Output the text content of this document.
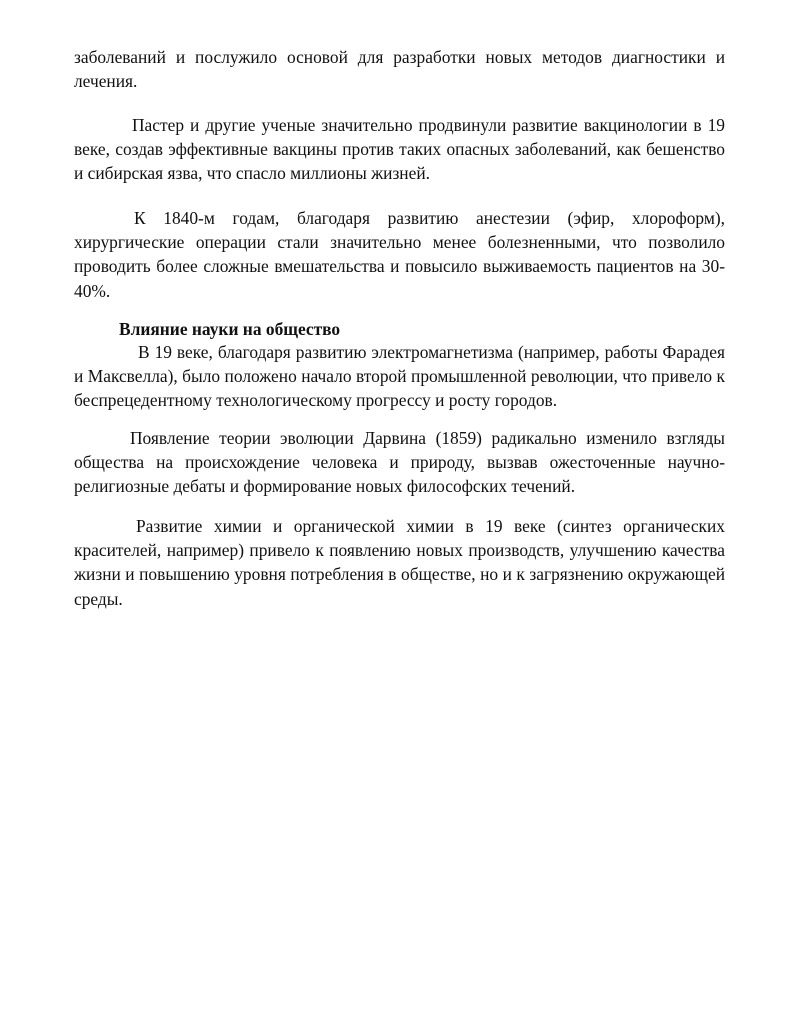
заболеваний и послужило основой для разработки новых методов диагностики и лечения.

Пастер и другие ученые значительно продвинули развитие вакцинологии в 19 веке, создав эффективные вакцины против таких опасных заболеваний, как бешенство и сибирская язва, что спасло миллионы жизней.

К 1840-м годам, благодаря развитию анестезии (эфир, хлороформ), хирургические операции стали значительно менее болезненными, что позволило проводить более сложные вмешательства и повысило выживаемость пациентов на 30-40%.

Влияние науки на общество

В 19 веке, благодаря развитию электромагнетизма (например, работы Фарадея и Максвелла), было положено начало второй промышленной революции, что привело к беспрецедентному технологическому прогрессу и росту городов.

Появление теории эволюции Дарвина (1859) радикально изменило взгляды общества на происхождение человека и природу, вызвав ожесточенные научно-религиозные дебаты и формирование новых философских течений.

Развитие химии и органической химии в 19 веке (синтез органических красителей, например) привело к появлению новых производств, улучшению качества жизни и повышению уровня потребления в обществе, но и к загрязнению окружающей среды.
